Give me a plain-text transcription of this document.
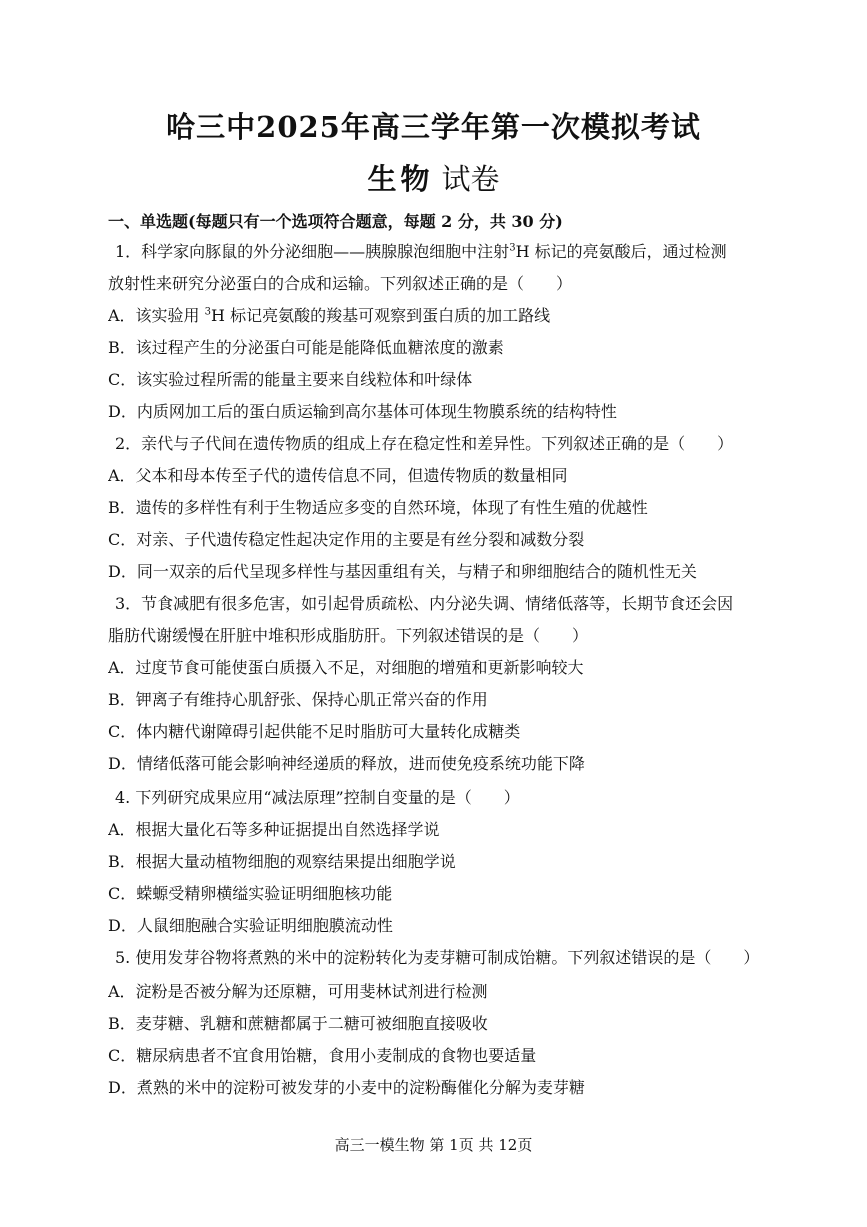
哈三中2025年高三学年第一次模拟考试
生物 试卷
一、单选题(每题只有一个选项符合题意，每题 2 分，共 30 分)
1．科学家向豚鼠的外分泌细胞——胰腺腺泡细胞中注射$^3$H 标记的亮氨酸后，通过检测
放射性来研究分泌蛋白的合成和运输。下列叙述正确的是（　　）
A．该实验用 $^3$H 标记亮氨酸的羧基可观察到蛋白质的加工路线
B．该过程产生的分泌蛋白可能是能降低血糖浓度的激素
C．该实验过程所需的能量主要来自线粒体和叶绿体
D．内质网加工后的蛋白质运输到高尔基体可体现生物膜系统的结构特性
2．亲代与子代间在遗传物质的组成上存在稳定性和差异性。下列叙述正确的是（　　）
A．父本和母本传至子代的遗传信息不同，但遗传物质的数量相同
B．遗传的多样性有利于生物适应多变的自然环境，体现了有性生殖的优越性
C．对亲、子代遗传稳定性起决定作用的主要是有丝分裂和减数分裂
D．同一双亲的后代呈现多样性与基因重组有关，与精子和卵细胞结合的随机性无关
3．节食减肥有很多危害，如引起骨质疏松、内分泌失调、情绪低落等，长期节食还会因
脂肪代谢缓慢在肝脏中堆积形成脂肪肝。下列叙述错误的是（　　）
A．过度节食可能使蛋白质摄入不足，对细胞的增殖和更新影响较大
B．钾离子有维持心肌舒张、保持心肌正常兴奋的作用
C．体内糖代谢障碍引起供能不足时脂肪可大量转化成糖类
D．情绪低落可能会影响神经递质的释放，进而使免疫系统功能下降
4. 下列研究成果应用“减法原理”控制自变量的是（　　）
A．根据大量化石等多种证据提出自然选择学说
B．根据大量动植物细胞的观察结果提出细胞学说
C．蝾螈受精卵横缢实验证明细胞核功能
D．人鼠细胞融合实验证明细胞膜流动性
5. 使用发芽谷物将煮熟的米中的淀粉转化为麦芽糖可制成饴糖。下列叙述错误的是（　　）
A．淀粉是否被分解为还原糖，可用斐林试剂进行检测
B．麦芽糖、乳糖和蔗糖都属于二糖可被细胞直接吸收
C．糖尿病患者不宜食用饴糖，食用小麦制成的食物也要适量
D．煮熟的米中的淀粉可被发芽的小麦中的淀粉酶催化分解为麦芽糖
高三一模生物 第 1页 共 12页
